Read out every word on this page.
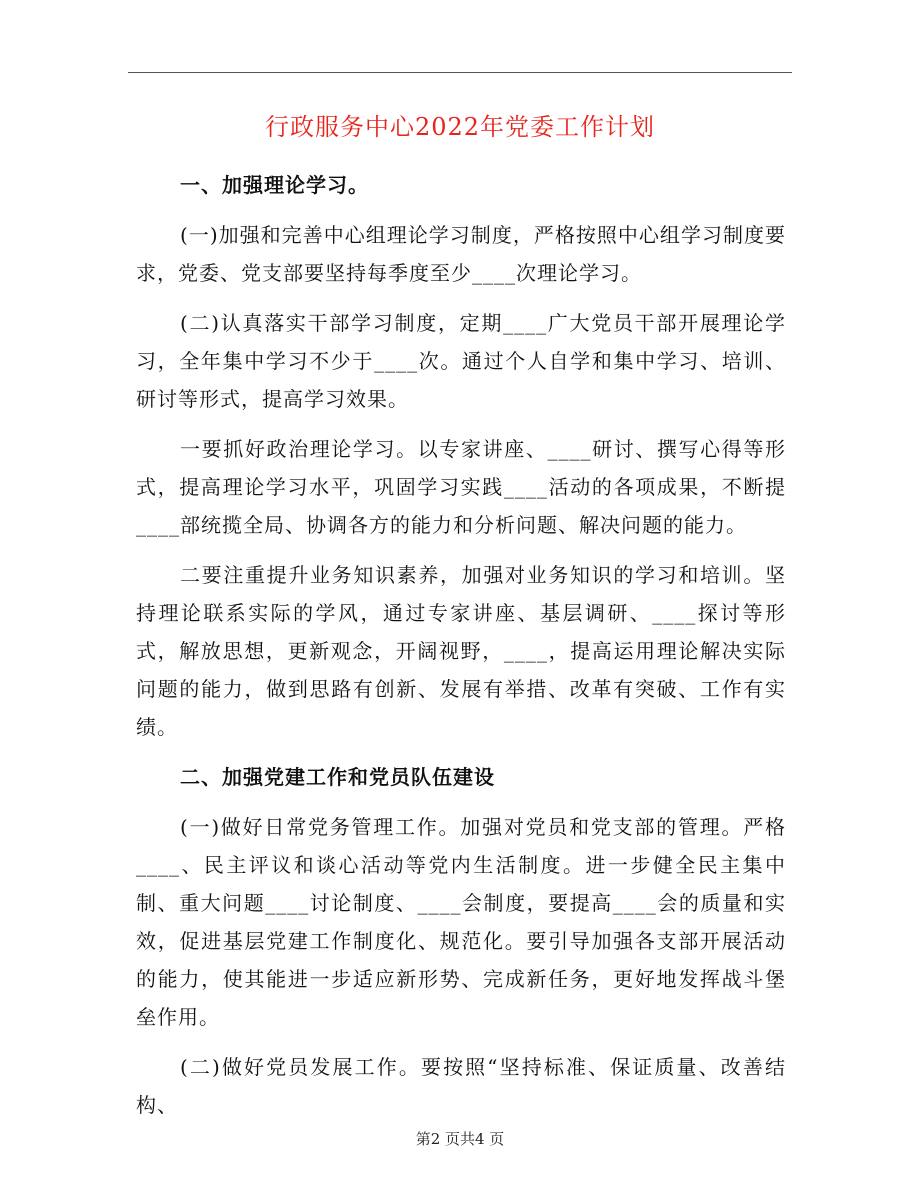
行政服务中心2022年党委工作计划

一、加强理论学习。

(一)加强和完善中心组理论学习制度，严格按照中心组学习制度要求，党委、党支部要坚持每季度至少____次理论学习。

(二)认真落实干部学习制度，定期____广大党员干部开展理论学习，全年集中学习不少于____次。通过个人自学和集中学习、培训、研讨等形式，提高学习效果。

一要抓好政治理论学习。以专家讲座、____研讨、撰写心得等形式，提高理论学习水平，巩固学习实践____活动的各项成果，不断提____部统揽全局、协调各方的能力和分析问题、解决问题的能力。

二要注重提升业务知识素养，加强对业务知识的学习和培训。坚持理论联系实际的学风，通过专家讲座、基层调研、____探讨等形式，解放思想，更新观念，开阔视野，____，提高运用理论解决实际问题的能力，做到思路有创新、发展有举措、改革有突破、工作有实绩。

二、加强党建工作和党员队伍建设

(一)做好日常党务管理工作。加强对党员和党支部的管理。严格____、民主评议和谈心活动等党内生活制度。进一步健全民主集中制、重大问题____讨论制度、____会制度，要提高____会的质量和实效，促进基层党建工作制度化、规范化。要引导加强各支部开展活动的能力，使其能进一步适应新形势、完成新任务，更好地发挥战斗堡垒作用。

(二)做好党员发展工作。要按照“坚持标准、保证质量、改善结构、

第2 页共4 页
